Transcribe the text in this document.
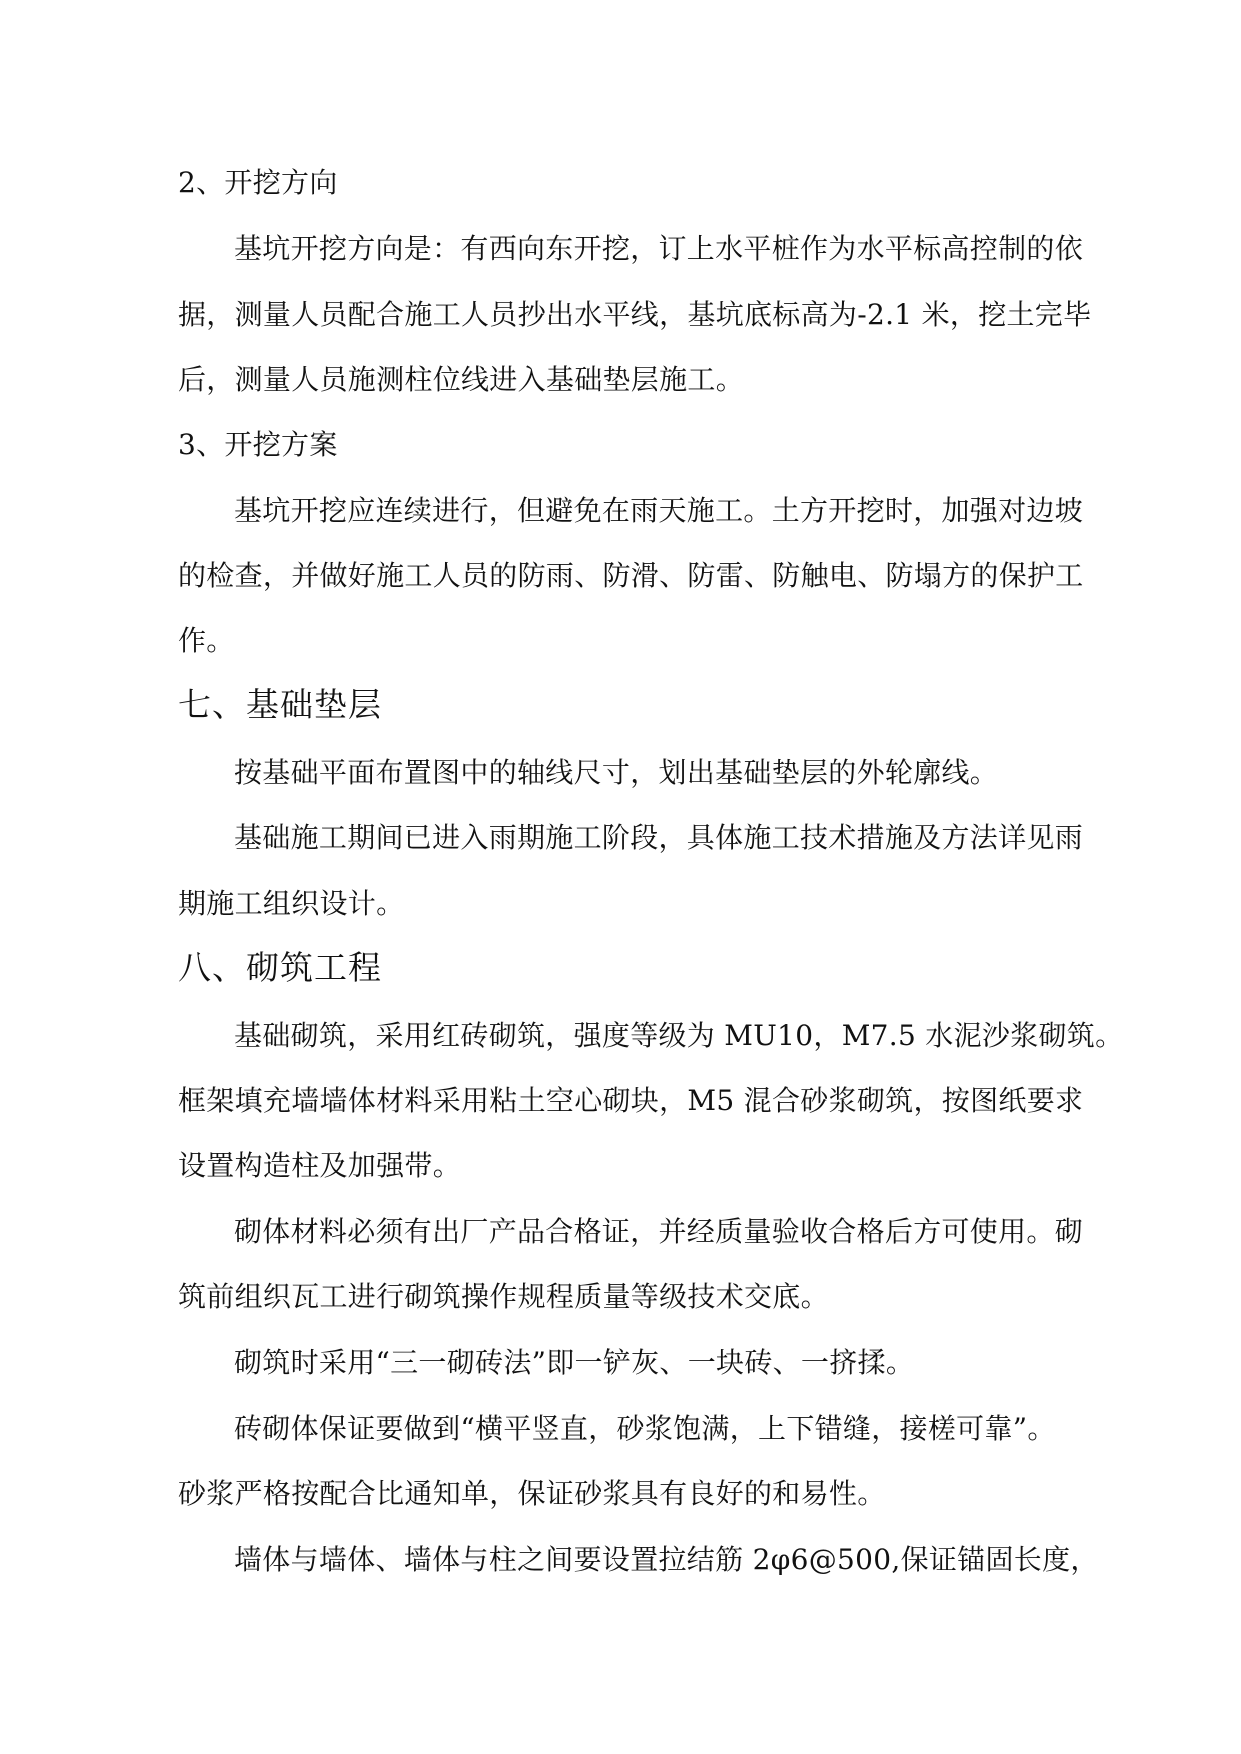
2、开挖方向
基坑开挖方向是：有西向东开挖，订上水平桩作为水平标高控制的依
据，测量人员配合施工人员抄出水平线，基坑底标高为-2.1 米，挖土完毕
后，测量人员施测柱位线进入基础垫层施工。
3、开挖方案
基坑开挖应连续进行，但避免在雨天施工。土方开挖时，加强对边坡
的检查，并做好施工人员的防雨、防滑、防雷、防触电、防塌方的保护工
作。
七、基础垫层
按基础平面布置图中的轴线尺寸，划出基础垫层的外轮廓线。
基础施工期间已进入雨期施工阶段，具体施工技术措施及方法详见雨
期施工组织设计。
八、砌筑工程
基础砌筑，采用红砖砌筑，强度等级为 MU10，M7.5 水泥沙浆砌筑。
框架填充墙墙体材料采用粘土空心砌块，M5 混合砂浆砌筑，按图纸要求
设置构造柱及加强带。
砌体材料必须有出厂产品合格证，并经质量验收合格后方可使用。砌
筑前组织瓦工进行砌筑操作规程质量等级技术交底。
砌筑时采用“三一砌砖法”即一铲灰、一块砖、一挤揉。
砖砌体保证要做到“横平竖直，砂浆饱满，上下错缝，接槎可靠”。
砂浆严格按配合比通知单，保证砂浆具有良好的和易性。
墙体与墙体、墙体与柱之间要设置拉结筋 2φ6@500,保证锚固长度，
